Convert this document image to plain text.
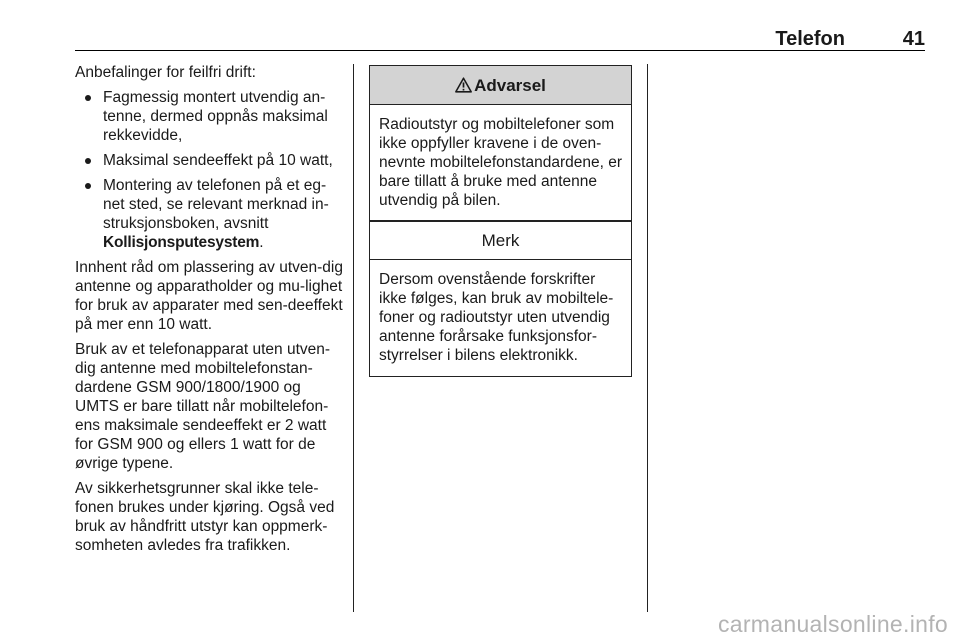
Telefon	41

Anbefalinger for feilfri drift:

Fagmessig montert utvendig an-tenne, dermed oppnås maksimal rekkevidde,
Maksimal sendeeffekt på 10 watt,
Montering av telefonen på et eg-net sted, se relevant merknad in-struksjonsboken, avsnitt Kollisjonsputesystem.

Innhent råd om plassering av utven-dig antenne og apparatholder og mu-lighet for bruk av apparater med sen-deeffekt på mer enn 10 watt.

Bruk av et telefonapparat uten utven-dig antenne med mobiltelefonstan-dardene GSM 900/1800/1900 og UMTS er bare tillatt når mobiltelefon-ens maksimale sendeeffekt er 2 watt for GSM 900 og ellers 1 watt for de øvrige typene.

Av sikkerhetsgrunner skal ikke tele-fonen brukes under kjøring. Også ved bruk av håndfritt utstyr kan oppmerk-somheten avledes fra trafikken.

Advarsel
Radioutstyr og mobiltelefoner som ikke oppfyller kravene i de oven-nevnte mobiltelefonstandardene, er bare tillatt å bruke med antenne utvendig på bilen.
Merk
Dersom ovenstående forskrifter ikke følges, kan bruk av mobiltele-foner og radioutstyr uten utvendig antenne forårsake funksjonsfor-styrrelser i bilens elektronikk.
carmanualsonline.info
